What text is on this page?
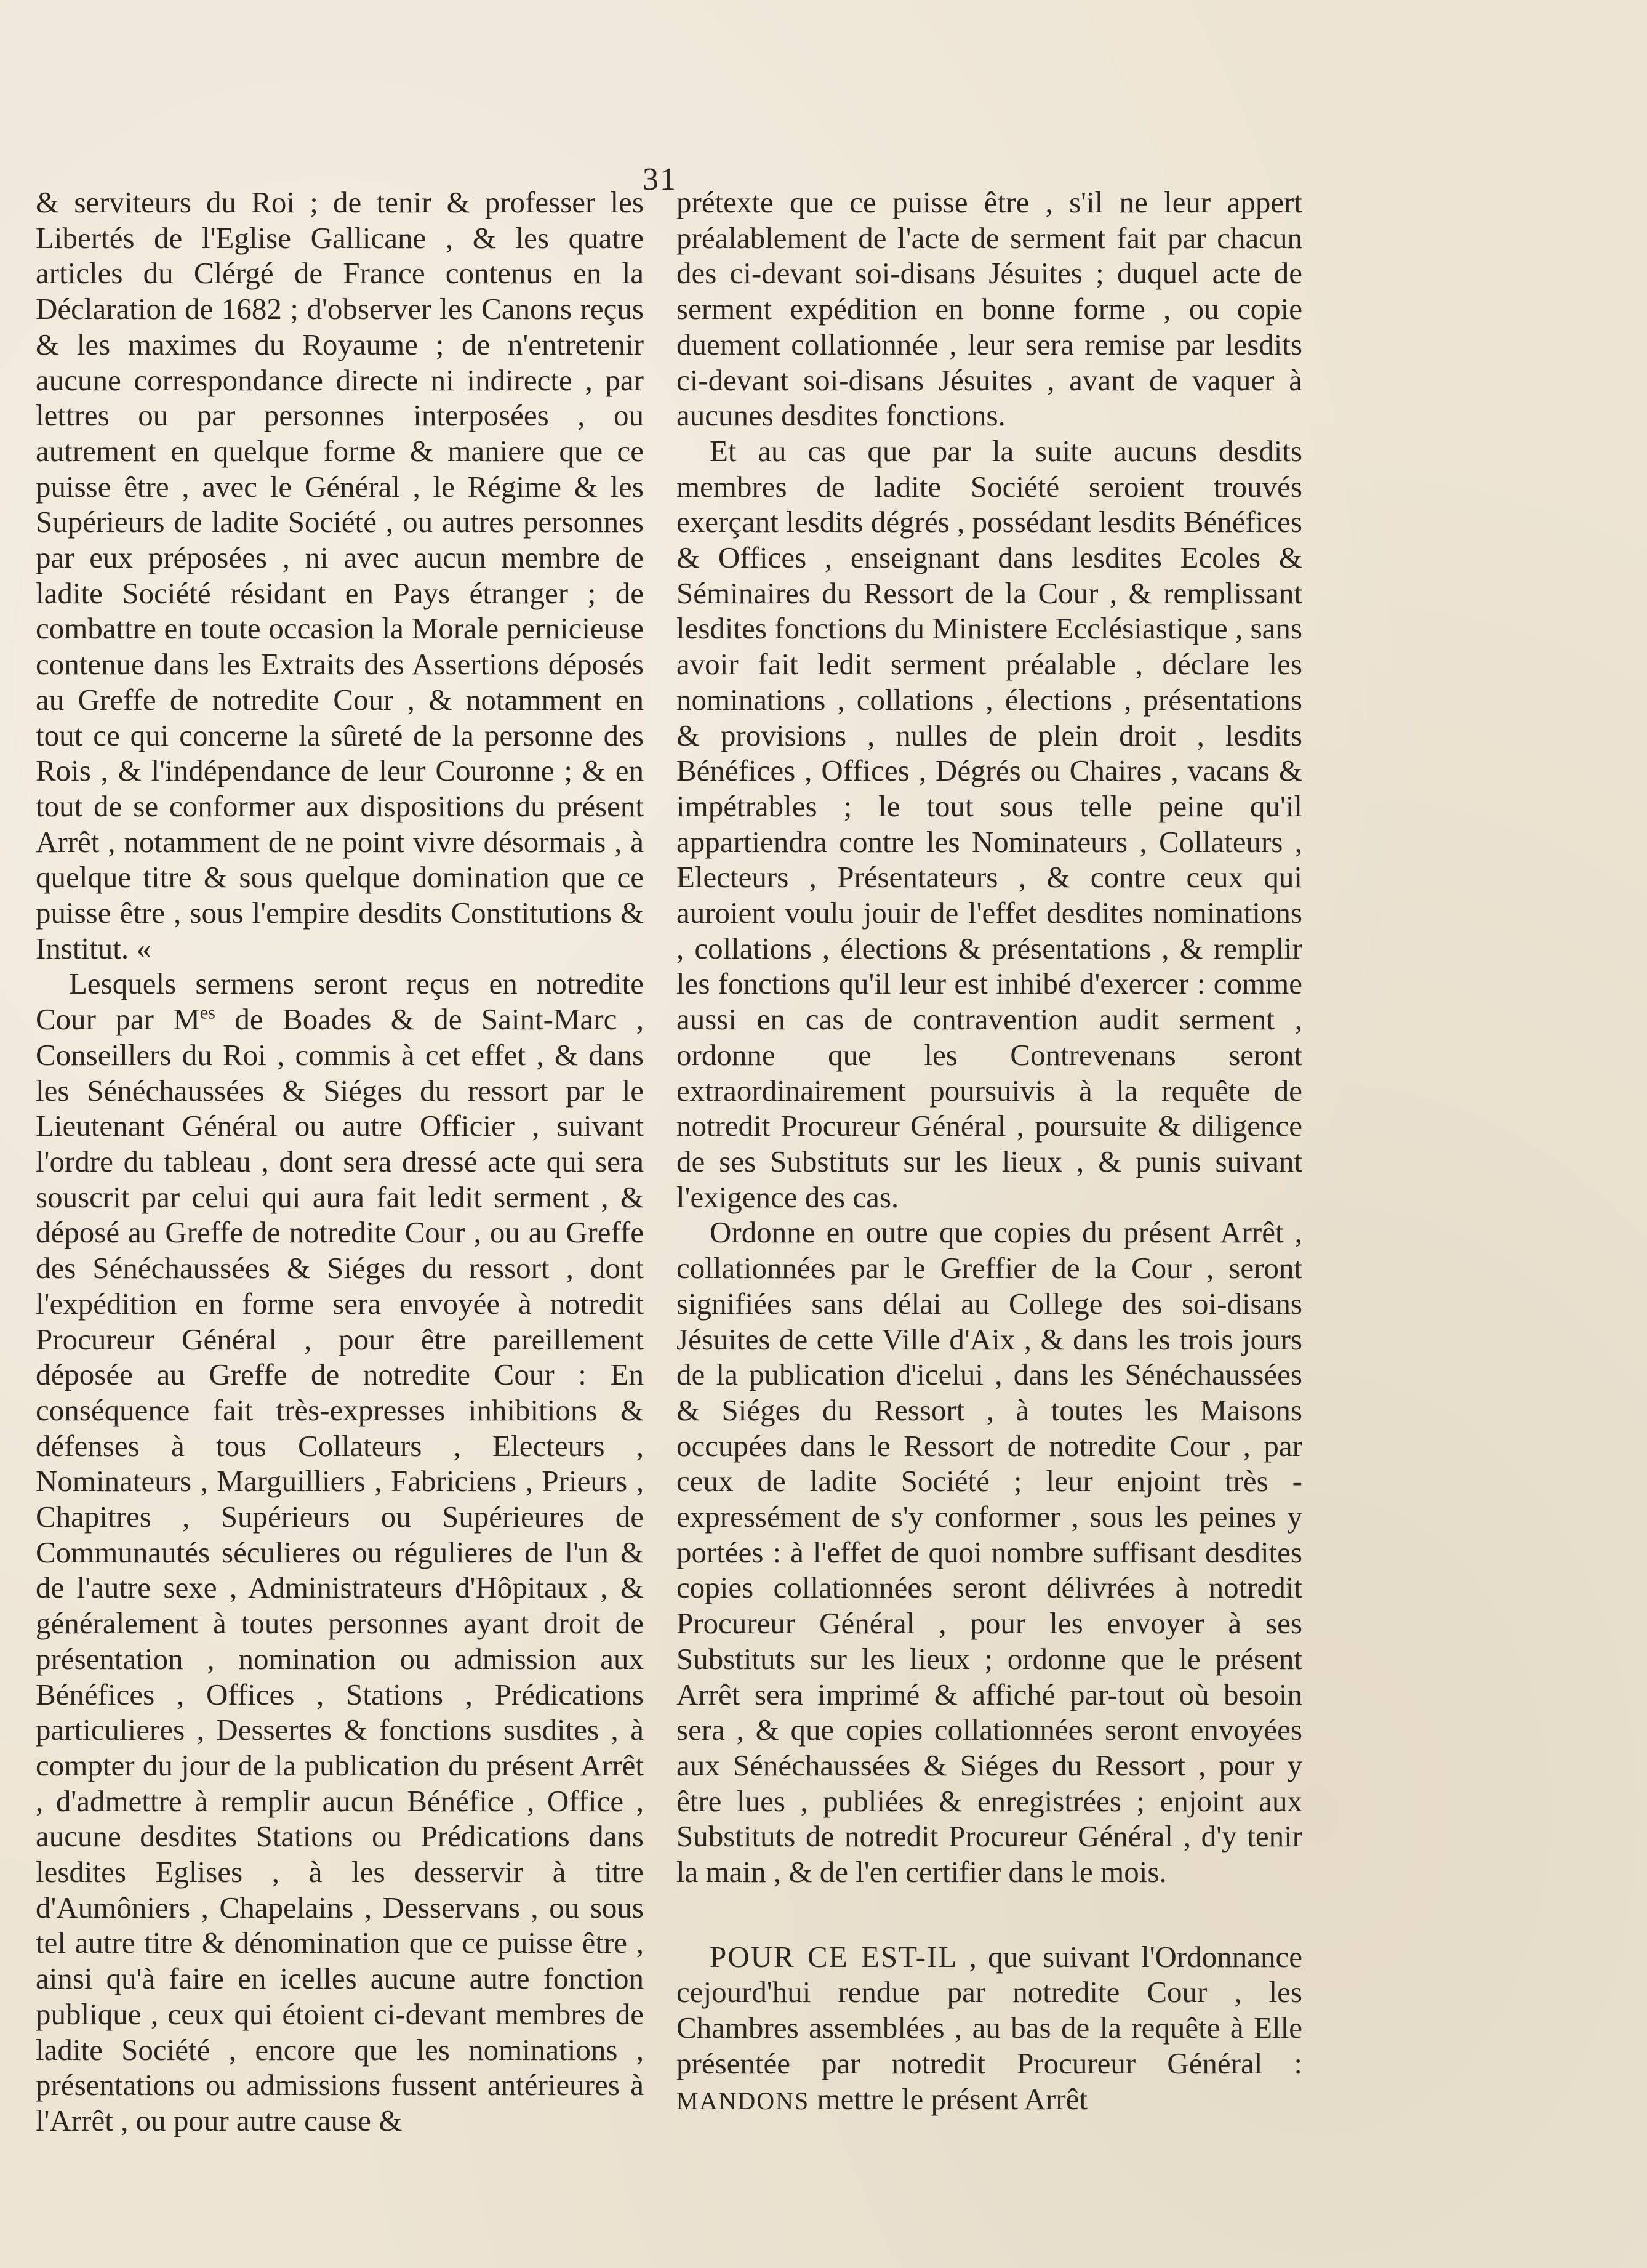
31

& serviteurs du Roi ; de tenir & professer les Libertés de l'Eglise Gallicane , & les quatre articles du Clérgé de France contenus en la Déclaration de 1682 ; d'observer les Canons reçus & les maximes du Royaume ; de n'entretenir aucune correspondance directe ni indirecte , par lettres ou par personnes interposées , ou autrement en quelque forme & maniere que ce puisse être , avec le Général , le Régime & les Supérieurs de ladite Société , ou autres personnes par eux préposées , ni avec aucun membre de ladite Société résidant en Pays étranger ; de combattre en toute occasion la Morale pernicieuse contenue dans les Extraits des Assertions déposés au Greffe de notredite Cour , & notamment en tout ce qui concerne la sûreté de la personne des Rois , & l'indépendance de leur Couronne ; & en tout de se conformer aux dispositions du présent Arrêt , notamment de ne point vivre désormais , à quelque titre & sous quelque domination que ce puisse être , sous l'empire desdits Constitutions & Institut. «

Lesquels sermens seront reçus en notredite Cour par $M^{es}$ de Boades & de Saint-Marc , Conseillers du Roi , commis à cet effet , & dans les Sénéchaussées & Siéges du ressort par le Lieutenant Général ou autre Officier , suivant l'ordre du tableau , dont sera dressé acte qui sera souscrit par celui qui aura fait ledit serment , & déposé au Greffe de notredite Cour , ou au Greffe des Sénéchaussées & Siéges du ressort , dont l'expédition en forme sera envoyée à notredit Procureur Général , pour être pareillement déposée au Greffe de notredite Cour : En conséquence fait très-expresses inhibitions & défenses à tous Collateurs , Electeurs , Nominateurs , Marguilliers , Fabriciens , Prieurs , Chapitres , Supérieurs ou Supérieures de Communautés séculieres ou régulieres de l'un & de l'autre sexe , Administrateurs d'Hôpitaux , & généralement à toutes personnes ayant droit de présentation , nomination ou admission aux Bénéfices , Offices , Stations , Prédications particulieres , Dessertes & fonctions susdites , à compter du jour de la publication du présent Arrêt , d'admettre à remplir aucun Bénéfice , Office , aucune desdites Stations ou Prédications dans lesdites Eglises , à les desservir à titre d'Aumôniers , Chapelains , Desservans , ou sous tel autre titre & dénomination que ce puisse être , ainsi qu'à faire en icelles aucune autre fonction publique , ceux qui étoient ci-devant membres de ladite Société , encore que les nominations , présentations ou admissions fussent antérieures à l'Arrêt , ou pour autre cause &

prétexte que ce puisse être , s'il ne leur appert préalablement de l'acte de serment fait par chacun des ci-devant soi-disans Jésuites ; duquel acte de serment expédition en bonne forme , ou copie duement collationnée , leur sera remise par lesdits ci-devant soi-disans Jésuites , avant de vaquer à aucunes desdites fonctions.

Et au cas que par la suite aucuns desdits membres de ladite Société seroient trouvés exerçant lesdits dégrés , possédant lesdits Bénéfices & Offices , enseignant dans lesdites Ecoles & Séminaires du Ressort de la Cour , & remplissant lesdites fonctions du Ministere Ecclésiastique , sans avoir fait ledit serment préalable , déclare les nominations , collations , élections , présentations & provisions , nulles de plein droit , lesdits Bénéfices , Offices , Dégrés ou Chaires , vacans & impétrables ; le tout sous telle peine qu'il appartiendra contre les Nominateurs , Collateurs , Electeurs , Présentateurs , & contre ceux qui auroient voulu jouir de l'effet desdites nominations , collations , élections & présentations , & remplir les fonctions qu'il leur est inhibé d'exercer : comme aussi en cas de contravention audit serment , ordonne que les Contrevenans seront extraordinairement poursuivis à la requête de notredit Procureur Général , poursuite & diligence de ses Substituts sur les lieux , & punis suivant l'exigence des cas.

Ordonne en outre que copies du présent Arrêt , collationnées par le Greffier de la Cour , seront signifiées sans délai au College des soi-disans Jésuites de cette Ville d'Aix , & dans les trois jours de la publication d'icelui , dans les Sénéchaussées & Siéges du Ressort , à toutes les Maisons occupées dans le Ressort de notredite Cour , par ceux de ladite Société ; leur enjoint très - expressément de s'y conformer , sous les peines y portées : à l'effet de quoi nombre suffisant desdites copies collationnées seront délivrées à notredit Procureur Général , pour les envoyer à ses Substituts sur les lieux ; ordonne que le présent Arrêt sera imprimé & affiché par-tout où besoin sera , & que copies collationnées seront envoyées aux Sénéchaussées & Siéges du Ressort , pour y être lues , publiées & enregistrées ; enjoint aux Substituts de notredit Procureur Général , d'y tenir la main , & de l'en certifier dans le mois.

POUR CE EST-IL , que suivant l'Ordonnance cejourd'hui rendue par notredite Cour , les Chambres assemblées , au bas de la requête à Elle présentée par notredit Procureur Général : MANDONS mettre le présent Arrêt
